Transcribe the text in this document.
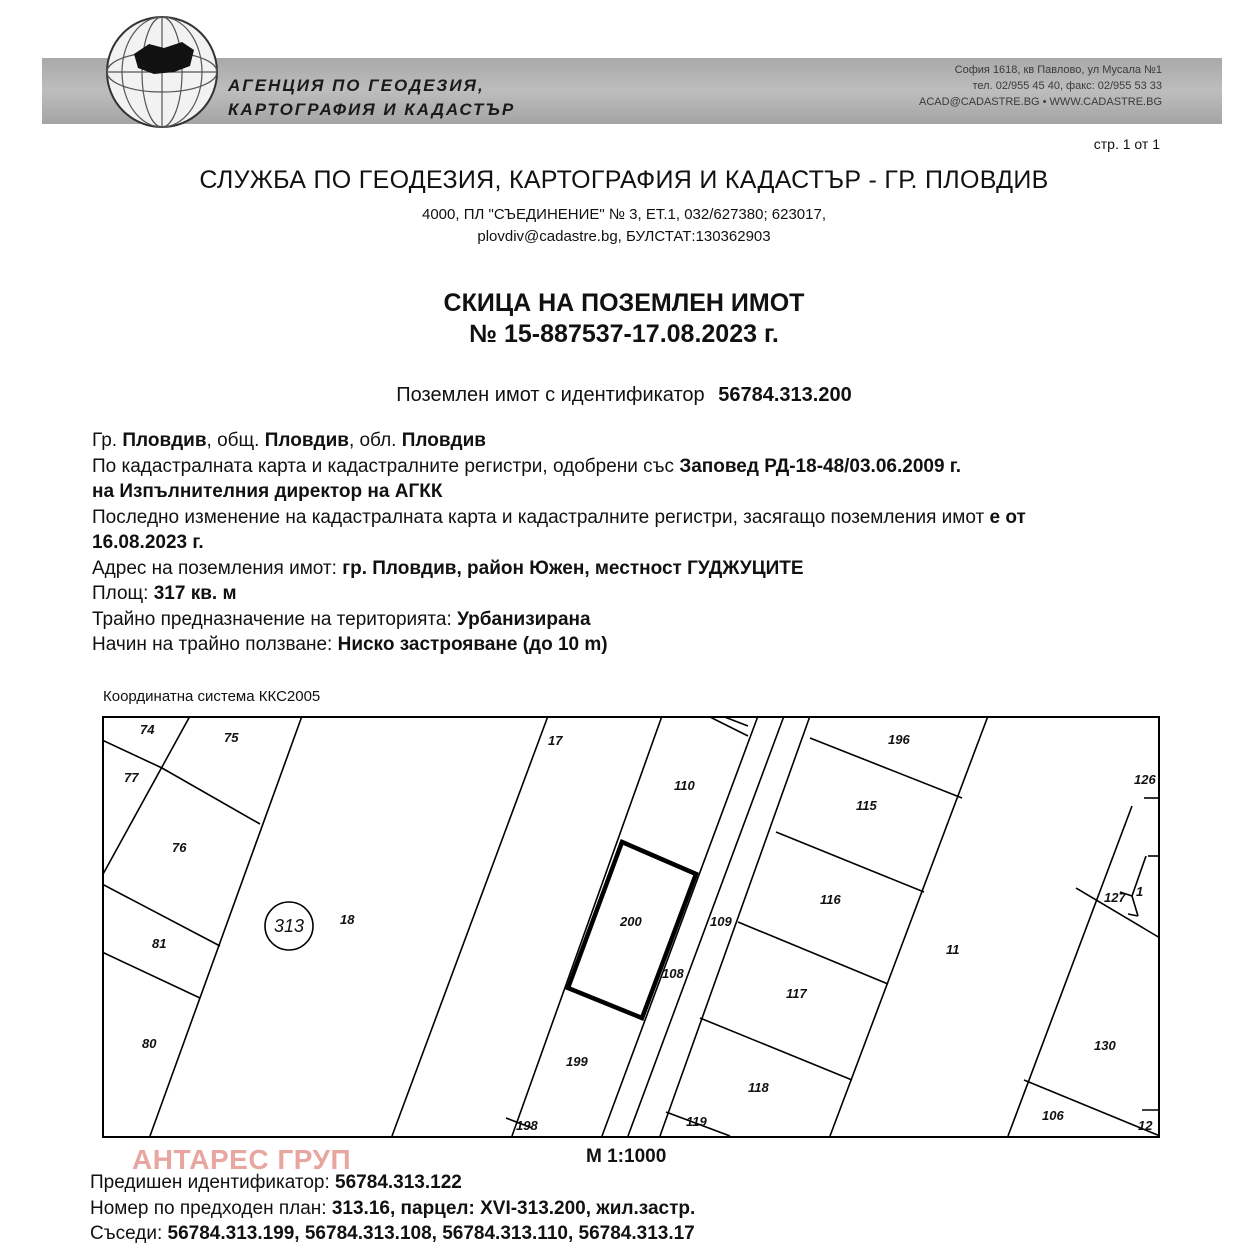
АГЕНЦИЯ ПО ГЕОДЕЗИЯ,
КАРТОГРАФИЯ И КАДАСТЪР
София 1618, кв Павлово, ул Мусала №1
тел. 02/955 45 40, факс: 02/955 53 33
ACAD@CADASTRE.BG • WWW.CADASTRE.BG
стр. 1 от 1
СЛУЖБА ПО ГЕОДЕЗИЯ, КАРТОГРАФИЯ И КАДАСТЪР - ГР. ПЛОВДИВ
4000, ПЛ "СЪЕДИНЕНИЕ" № 3, ЕТ.1, 032/627380; 623017,
plovdiv@cadastre.bg, БУЛСТАТ:130362903
СКИЦА НА ПОЗЕМЛЕН ИМОТ
№ 15-887537-17.08.2023 г.
Поземлен имот с идентификатор 56784.313.200
Гр. Пловдив, общ. Пловдив, обл. Пловдив
По кадастралната карта и кадастралните регистри, одобрени със Заповед РД-18-48/03.06.2009 г.
на Изпълнителния директор на АГКК
Последно изменение на кадастралната карта и кадастралните регистри, засягащо поземления имот е от
16.08.2023 г.
Адрес на поземления имот: гр. Пловдив, район Южен, местност ГУДЖУЦИТЕ
Площ: 317 кв. м
Трайно предназначение на територията: Урбанизирана
Начин на трайно ползване: Ниско застрояване (до 10 m)
Координатна система ККС2005
313
74
75
77
76
81
80
18
17
110
200	109
108
199
198	119
196
115
116
117
118
11
126
127 1
130
106
12
АНТАРЕС ГРУП	М 1:1000
Предишен идентификатор: 56784.313.122
Номер по предходен план: 313.16, парцел: XVI-313.200, жил.застр.
Съседи: 56784.313.199, 56784.313.108, 56784.313.110, 56784.313.17
